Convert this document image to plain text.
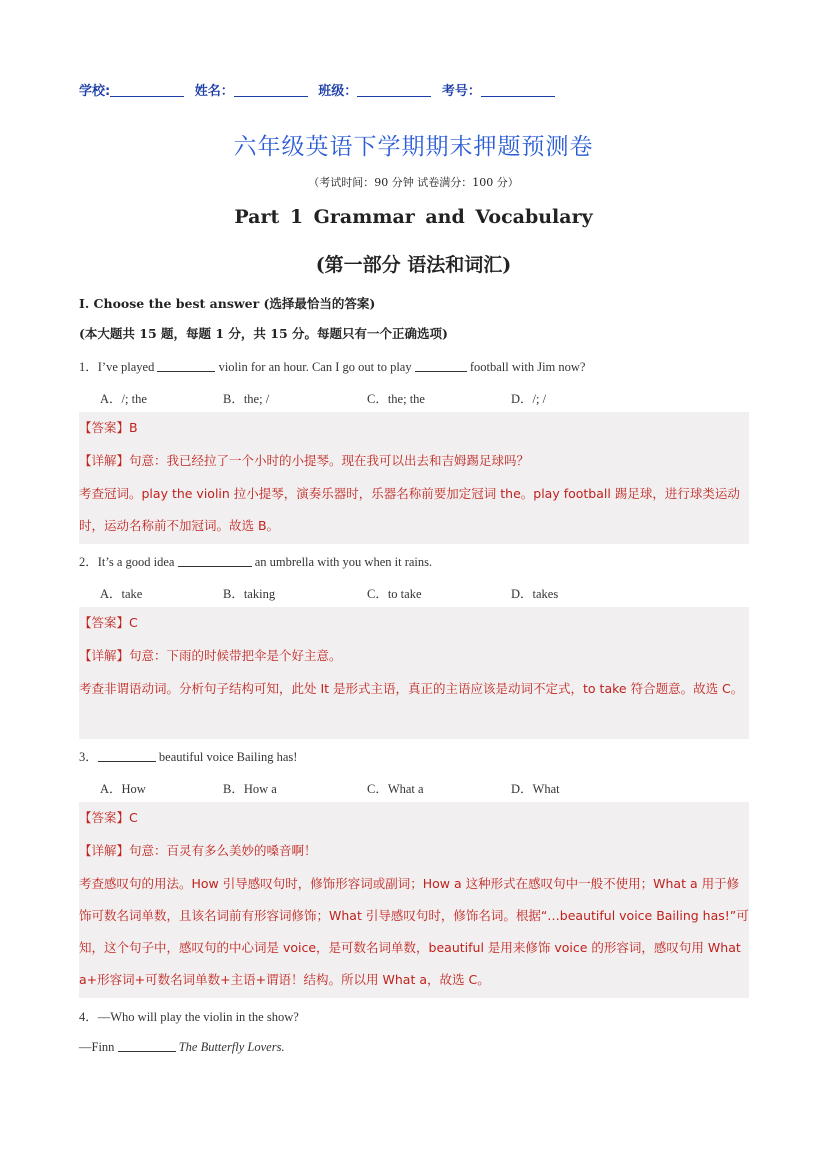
学校:	姓名：	班级：	考号：
六年级英语下学期期末押题预测卷
（考试时间：90 分钟 试卷满分：100 分）
Part 1 Grammar and Vocabulary
(第一部分 语法和词汇)
I. Choose the best answer (选择最恰当的答案)
(本大题共 15 题，每题 1 分，共 15 分。每题只有一个正确选项)
1．I’ve played	violin for an hour. Can I go out to play	football with Jim now?
A．/; the	B．the; /	C．the; the	D．/; /
【答案】B
【详解】句意：我已经拉了一个小时的小提琴。现在我可以出去和吉姆踢足球吗？
考查冠词。play the violin 拉小提琴，演奏乐器时，乐器名称前要加定冠词 the。play football 踢足球，进行球类运动时，运动名称前不加冠词。故选 B。
2．It’s a good idea	an umbrella with you when it rains.
A．take	B．taking	C．to take	D．takes
【答案】C
【详解】句意：下雨的时候带把伞是个好主意。
考查非谓语动词。分析句子结构可知，此处 It 是形式主语，真正的主语应该是动词不定式，to take 符合题意。故选 C。
3．	beautiful voice Bailing has!
A．How	B．How a	C．What a	D．What
【答案】C
【详解】句意：百灵有多么美妙的嗓音啊！
考查感叹句的用法。How 引导感叹句时，修饰形容词或副词；How a 这种形式在感叹句中一般不使用；What a 用于修饰可数名词单数，且该名词前有形容词修饰；What 引导感叹句时，修饰名词。根据“…beautiful voice Bailing has!”可知，这个句子中，感叹句的中心词是 voice，是可数名词单数，beautiful 是用来修饰 voice 的形容词，感叹句用 What a+形容词+可数名词单数+主语+谓语！结构。所以用 What a，故选 C。
4．—Who will play the violin in the show?
—Finn	The Butterfly Lovers.
